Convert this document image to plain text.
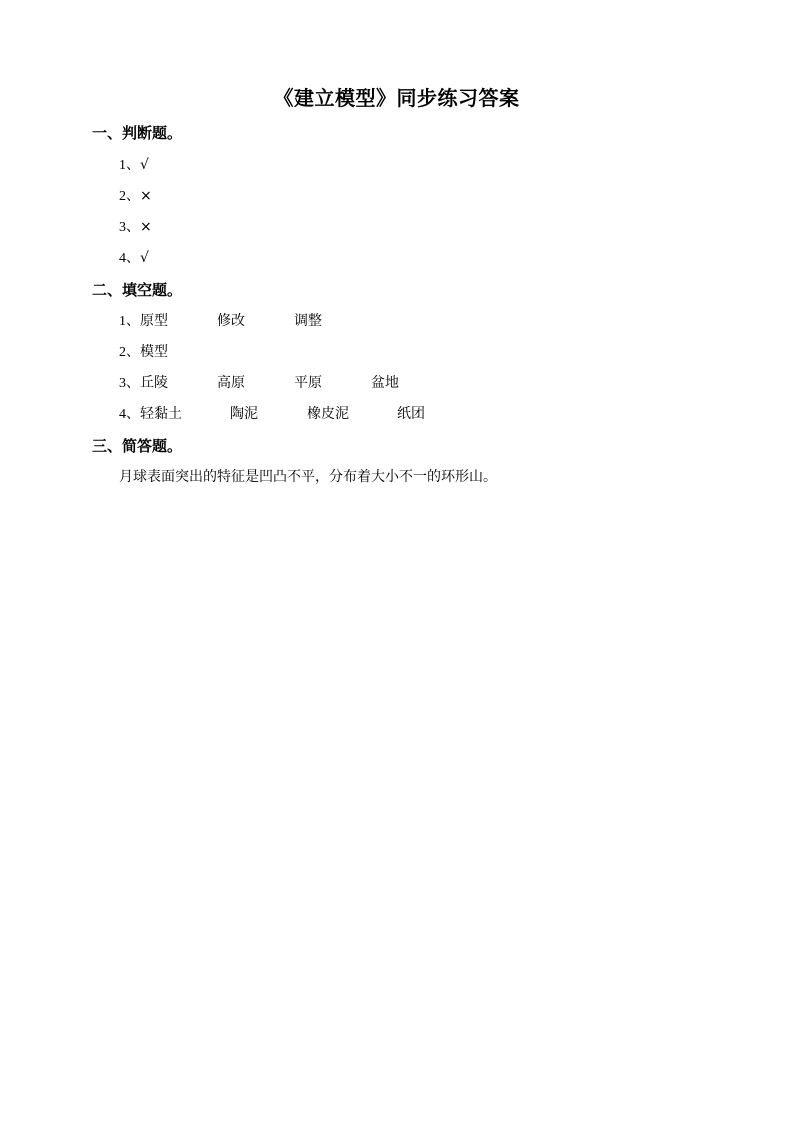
《建立模型》同步练习答案
一、判断题。
1、√
2、×
3、×
4、√
二、填空题。
1、原型	修改	调整
2、模型
3、丘陵	高原	平原	盆地
4、轻黏土	陶泥	橡皮泥	纸团
三、简答题。
月球表面突出的特征是凹凸不平，分布着大小不一的环形山。
